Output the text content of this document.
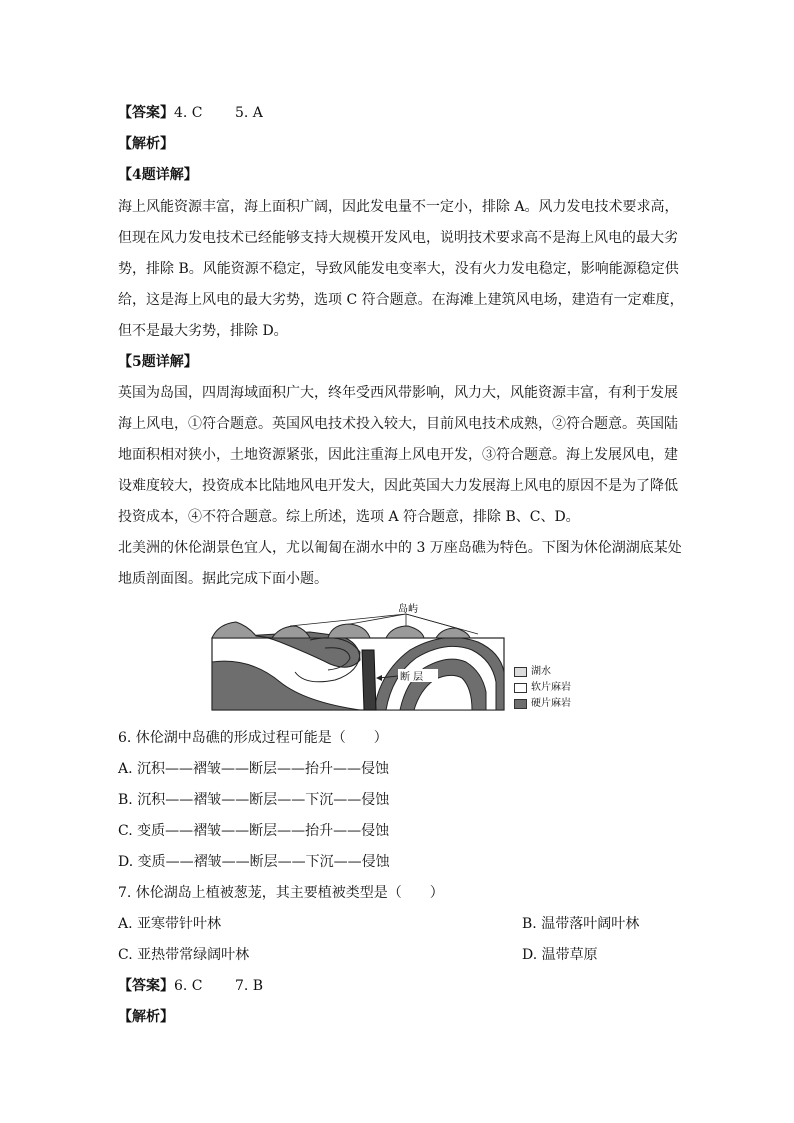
【答案】4. C　　 5. A
【解析】
【4题详解】
海上风能资源丰富，海上面积广阔，因此发电量不一定小，排除 A。风力发电技术要求高，
但现在风力发电技术已经能够支持大规模开发风电，说明技术要求高不是海上风电的最大劣
势，排除 B。风能资源不稳定，导致风能发电变率大，没有火力发电稳定，影响能源稳定供
给，这是海上风电的最大劣势，选项 C 符合题意。在海滩上建筑风电场，建造有一定难度，
但不是最大劣势，排除 D。
【5题详解】
英国为岛国，四周海域面积广大，终年受西风带影响，风力大，风能资源丰富，有利于发展
海上风电，①符合题意。英国风电技术投入较大，目前风电技术成熟，②符合题意。英国陆
地面积相对狭小，土地资源紧张，因此注重海上风电开发，③符合题意。海上发展风电，建
设难度较大，投资成本比陆地风电开发大，因此英国大力发展海上风电的原因不是为了降低
投资成本，④不符合题意。综上所述，选项 A 符合题意，排除 B、C、D。
北美洲的休伦湖景色宜人，尤以匍匐在湖水中的 3 万座岛礁为特色。下图为休伦湖湖底某处
地质剖面图。据此完成下面小题。
岛屿
断 层
湖水
软片麻岩
硬片麻岩
6. 休伦湖中岛礁的形成过程可能是（　　）
A. 沉积——褶皱——断层——抬升——侵蚀
B. 沉积——褶皱——断层——下沉——侵蚀
C. 变质——褶皱——断层——抬升——侵蚀
D. 变质——褶皱——断层——下沉——侵蚀
7. 休伦湖岛上植被葱茏，其主要植被类型是（　　）
A. 亚寒带针叶林	B. 温带落叶阔叶林
C. 亚热带常绿阔叶林	D. 温带草原
【答案】6. C　　 7. B
【解析】
